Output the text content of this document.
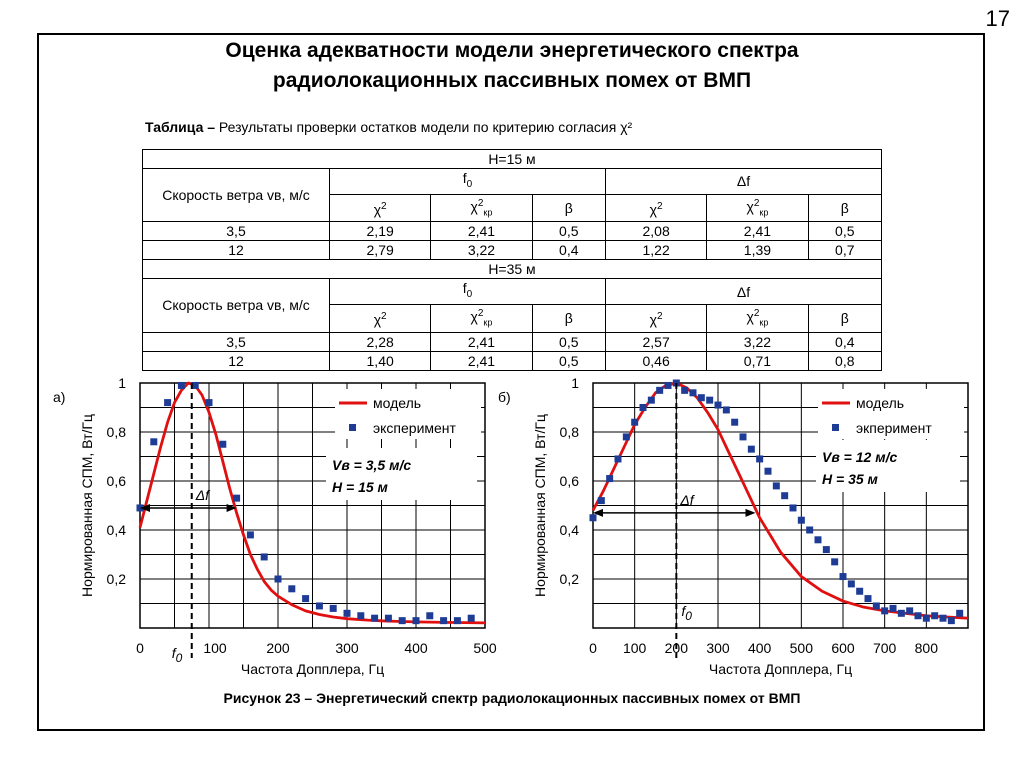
17
Оценка адекватности модели энергетического спектра
радиолокационных пассивных помех от ВМП
Таблица – Результаты проверки остатков модели по критерию согласия χ²
H=15 м						
Скорость ветра vв, м/с	$f_0$			Δf		
	$\chi^2$	$\chi^2_{кр}$	β	$\chi^2$	$\chi^2_{кр}$	β
3,5	2,19	2,41	0,5	2,08	2,41	0,5
12	2,79	3,22	0,4	1,22	1,39	0,7
H=35 м						
Скорость ветра vв, м/с	$f_0$			Δf		
	$\chi^2$	$\chi^2_{кр}$	β	$\chi^2$	$\chi^2_{кр}$	β
3,5	2,28	2,41	0,5	2,57	3,22	0,4
12	1,40	2,41	0,5	0,46	0,71	0,8
Δf
f0
0	100	200	300	400	500
0,2
0,4
0,6
0,8
1
Частота Допплера, Гц
Нормированная СПМ, Вт/Гц
а)	модель
эксперимент
Vв = 3,5 м/с
H = 15 м
Δf
f0
0 100 200 300 400 500 600 700 800
0,2
0,4
0,6
0,8
1
Частота Допплера, Гц
Нормированная СПМ, Вт/Гц
б)	модель
экперимент
Vв = 12 м/с
H = 35 м
Рисунок 23 – Энергетический спектр радиолокационных пассивных помех от ВМП
